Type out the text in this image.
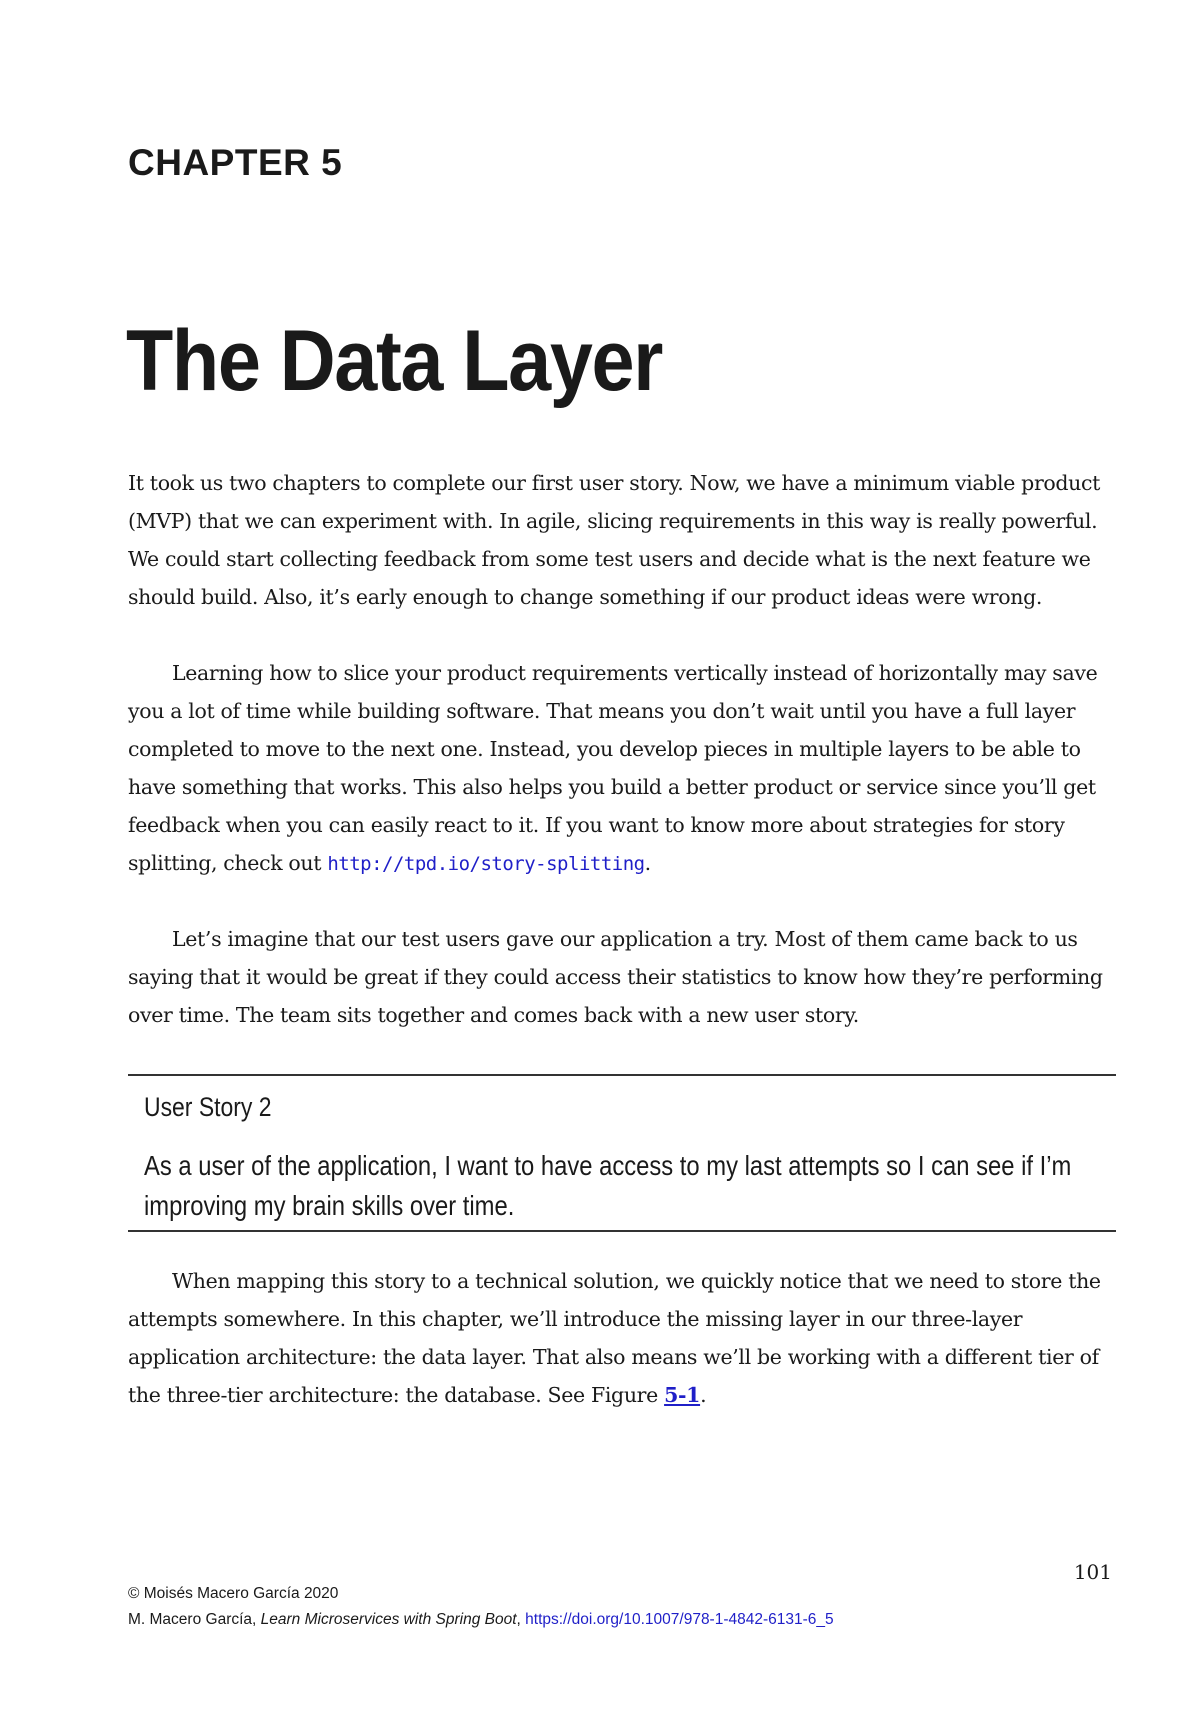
CHAPTER 5
The Data Layer

It took us two chapters to complete our first user story. Now, we have a minimum viable product (MVP) that we can experiment with. In agile, slicing requirements in this way is really powerful. We could start collecting feedback from some test users and decide what is the next feature we should build. Also, it’s early enough to change something if our product ideas were wrong.

Learning how to slice your product requirements vertically instead of horizontally may save you a lot of time while building software. That means you don’t wait until you have a full layer completed to move to the next one. Instead, you develop pieces in multiple layers to be able to have something that works. This also helps you build a better product or service since you’ll get feedback when you can easily react to it. If you want to know more about strategies for story splitting, check out http://tpd.io/story-splitting.

Let’s imagine that our test users gave our application a try. Most of them came back to us saying that it would be great if they could access their statistics to know how they’re performing over time. The team sits together and comes back with a new user story.

User Story 2

As a user of the application, I want to have access to my last attempts so I can see if I’m improving my brain skills over time.

When mapping this story to a technical solution, we quickly notice that we need to store the attempts somewhere. In this chapter, we’ll introduce the missing layer in our three-layer application architecture: the data layer. That also means we’ll be working with a different tier of the three-tier architecture: the database. See Figure 5-1.

101

© Moisés Macero García 2020

M. Macero García, Learn Microservices with Spring Boot, https://doi.org/10.1007/978-1-4842-6131-6_5
